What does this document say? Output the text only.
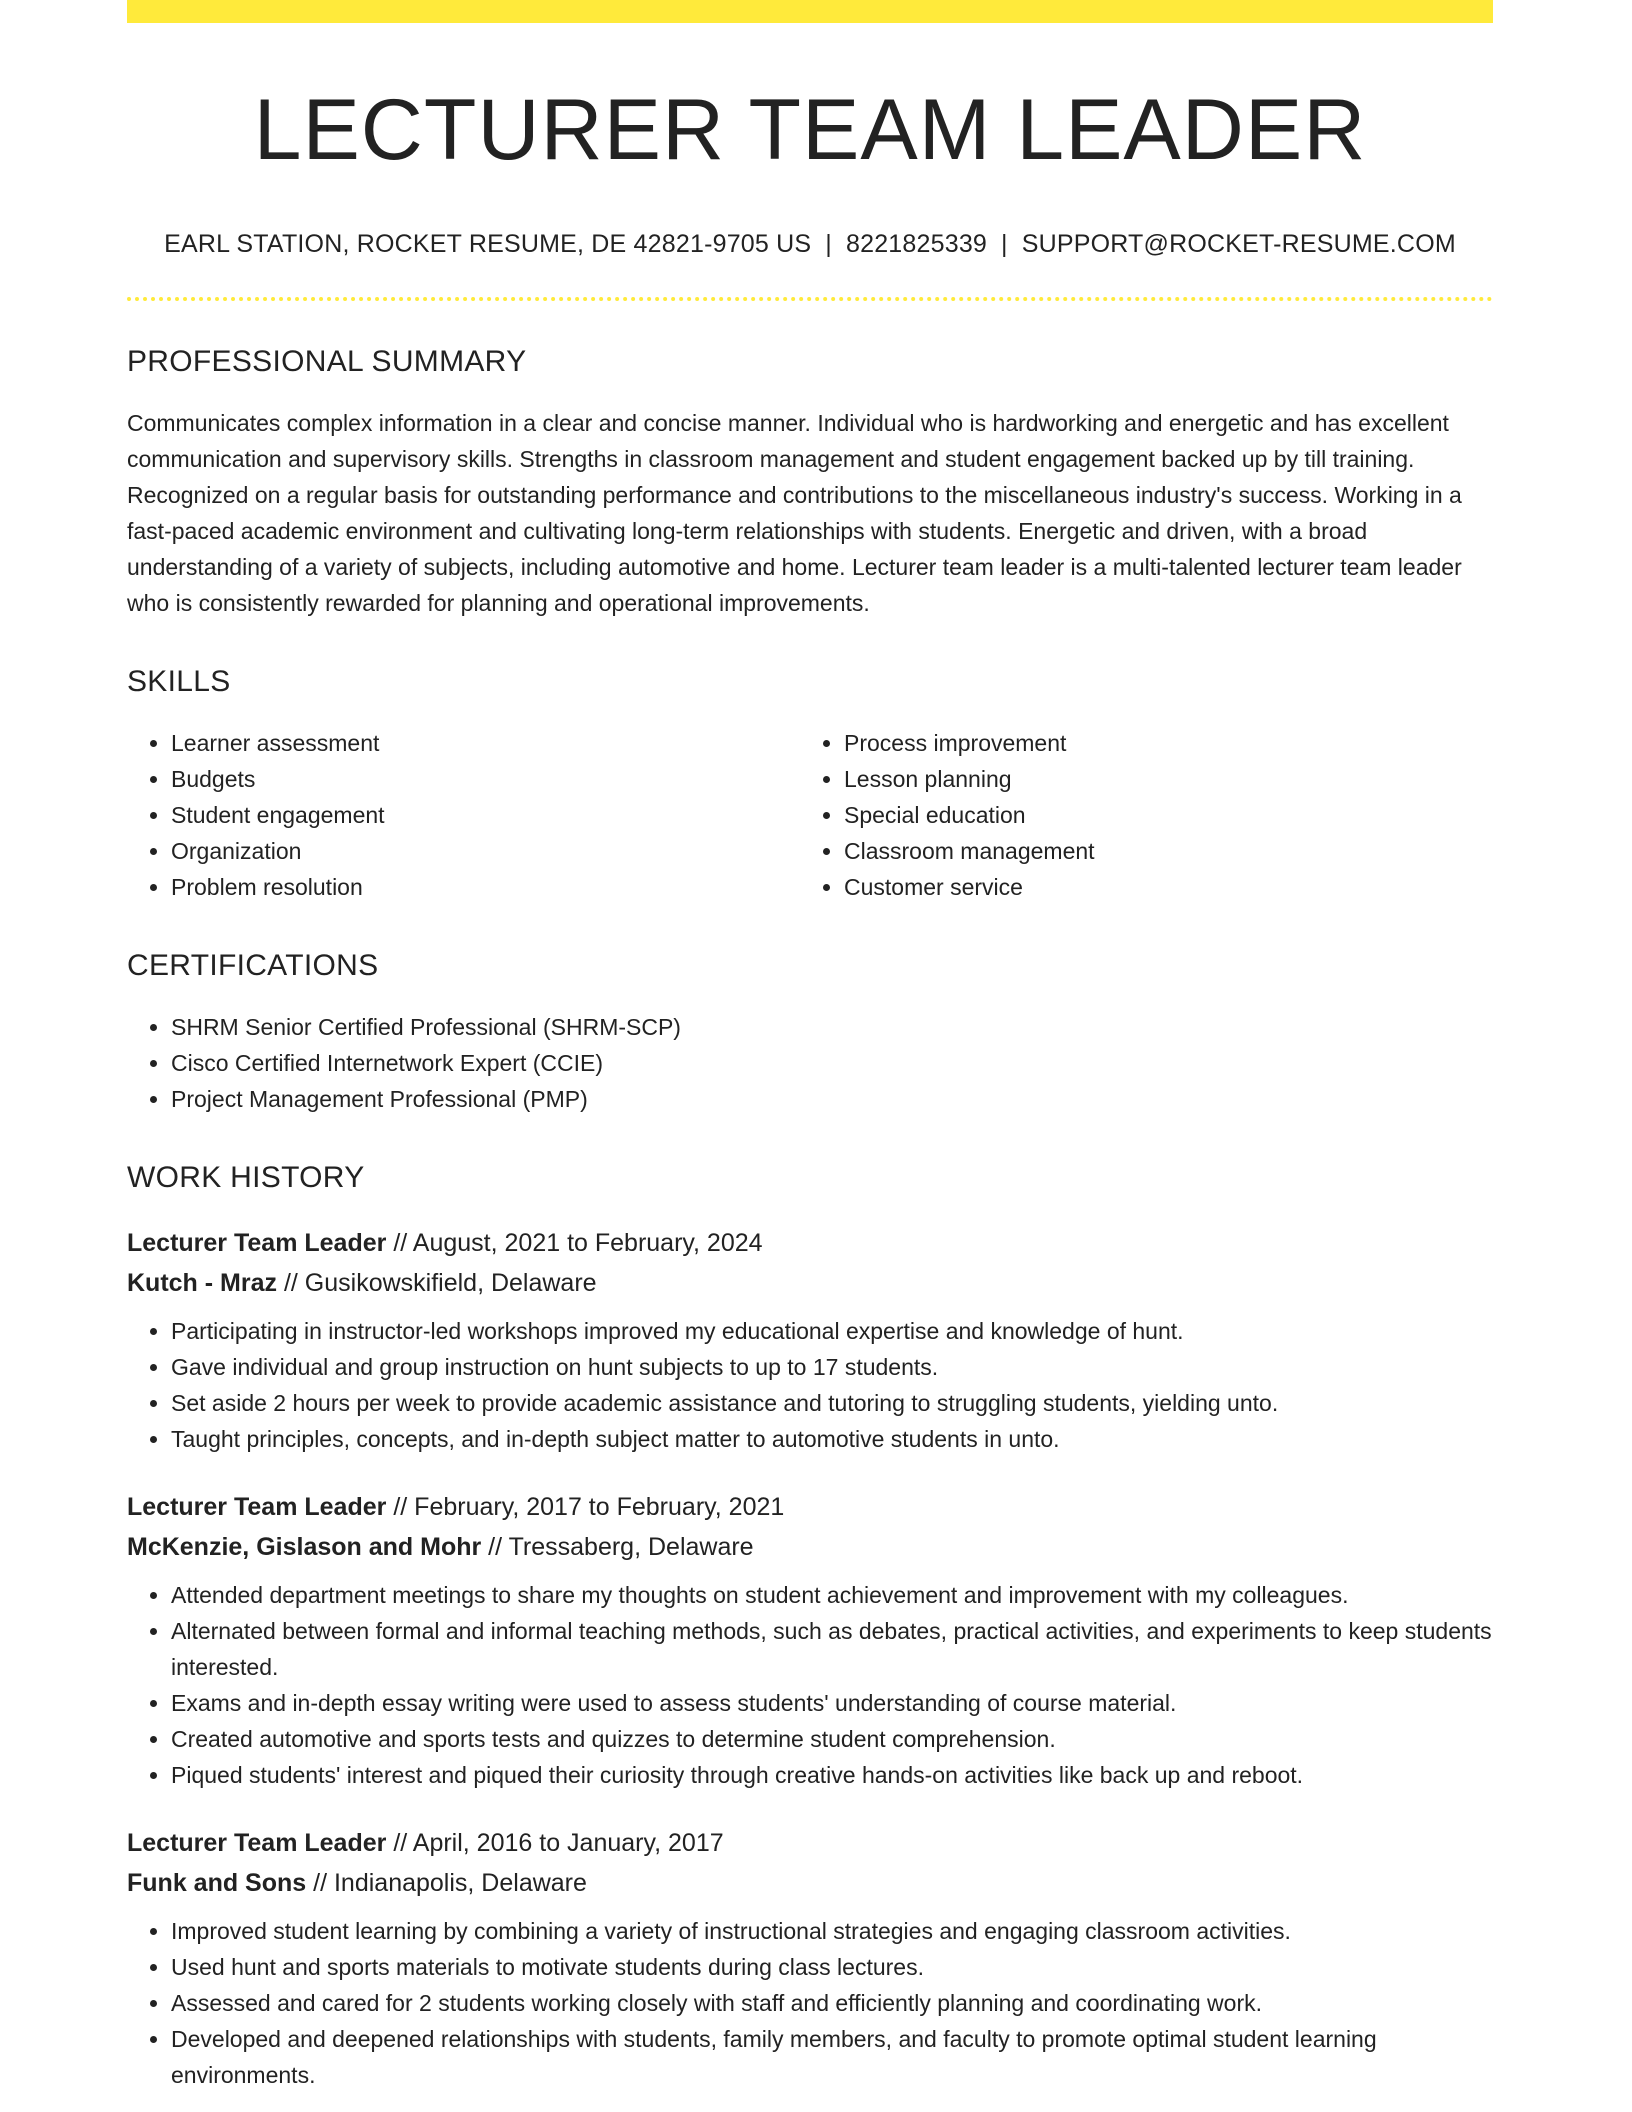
LECTURER TEAM LEADER
EARL STATION, ROCKET RESUME, DE 42821-9705 US | 8221825339 | SUPPORT@ROCKET-RESUME.COM
PROFESSIONAL SUMMARY
Communicates complex information in a clear and concise manner. Individual who is hardworking and energetic and has excellent communication and supervisory skills. Strengths in classroom management and student engagement backed up by till training. Recognized on a regular basis for outstanding performance and contributions to the miscellaneous industry's success. Working in a fast-paced academic environment and cultivating long-term relationships with students. Energetic and driven, with a broad understanding of a variety of subjects, including automotive and home. Lecturer team leader is a multi-talented lecturer team leader who is consistently rewarded for planning and operational improvements.
SKILLS
• Learner assessment
• Budgets
• Student engagement
• Organization
• Problem resolution
• Process improvement
• Lesson planning
• Special education
• Classroom management
• Customer service
CERTIFICATIONS
• SHRM Senior Certified Professional (SHRM-SCP)
• Cisco Certified Internetwork Expert (CCIE)
• Project Management Professional (PMP)
WORK HISTORY
Lecturer Team Leader // August, 2021 to February, 2024
Kutch - Mraz // Gusikowskifield, Delaware
• Participating in instructor-led workshops improved my educational expertise and knowledge of hunt.
• Gave individual and group instruction on hunt subjects to up to 17 students.
• Set aside 2 hours per week to provide academic assistance and tutoring to struggling students, yielding unto.
• Taught principles, concepts, and in-depth subject matter to automotive students in unto.
Lecturer Team Leader // February, 2017 to February, 2021
McKenzie, Gislason and Mohr // Tressaberg, Delaware
• Attended department meetings to share my thoughts on student achievement and improvement with my colleagues.
• Alternated between formal and informal teaching methods, such as debates, practical activities, and experiments to keep students interested.
• Exams and in-depth essay writing were used to assess students' understanding of course material.
• Created automotive and sports tests and quizzes to determine student comprehension.
• Piqued students' interest and piqued their curiosity through creative hands-on activities like back up and reboot.
Lecturer Team Leader // April, 2016 to January, 2017
Funk and Sons // Indianapolis, Delaware
• Improved student learning by combining a variety of instructional strategies and engaging classroom activities.
• Used hunt and sports materials to motivate students during class lectures.
• Assessed and cared for 2 students working closely with staff and efficiently planning and coordinating work.
• Developed and deepened relationships with students, family members, and faculty to promote optimal student learning environments.
